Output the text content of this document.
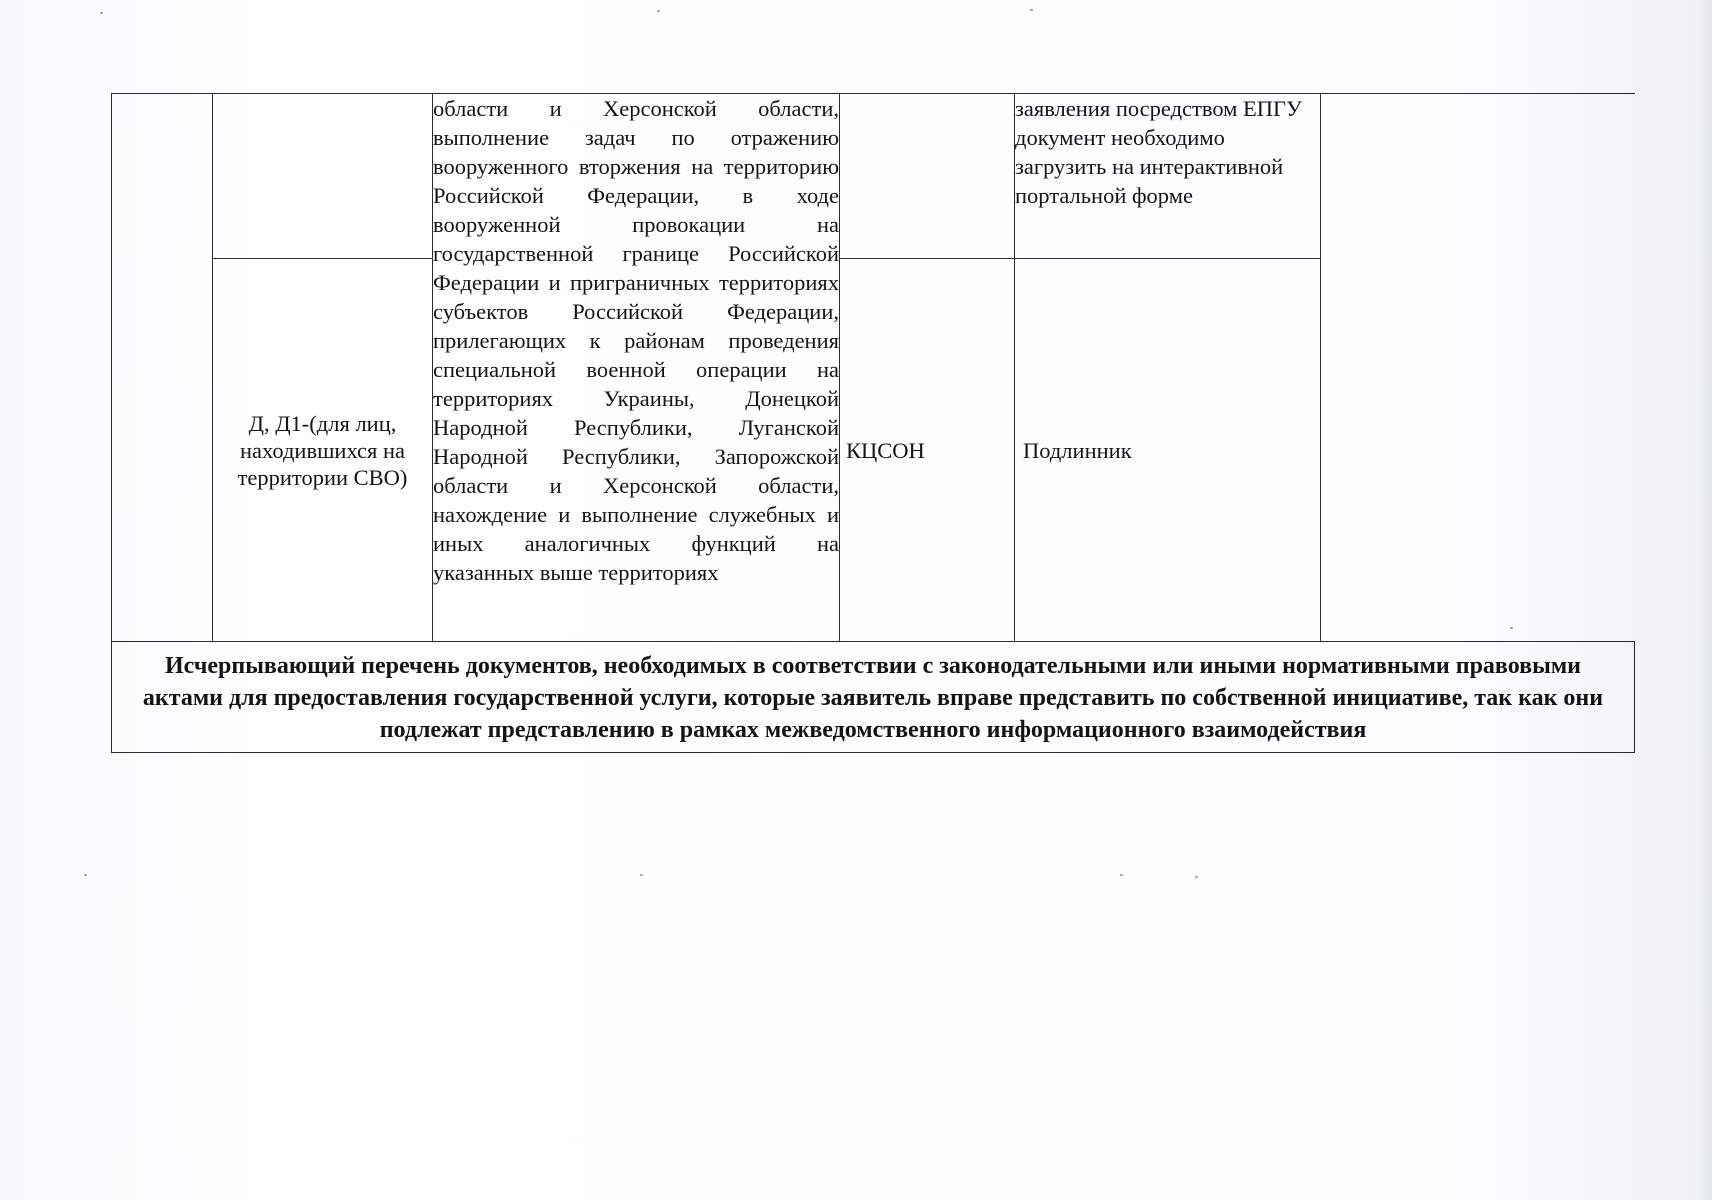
		области и Херсонской области, выполнение задач по отражению вооруженного вторжения на территорию Российской Федерации, в ходе вооруженной провокации на государственной границе Российской Федерации и приграничных территориях субъектов Российской Федерации, прилегающих к районам проведения специальной военной операции на территориях Украины, Донецкой Народной Республики, Луганской Народной Республики, Запорожской области и Херсонской области, нахождение и выполнение служебных и иных аналогичных функций на указанных выше территориях		заявления посредством ЕПГУ документ необходимо загрузить на интерактивной портальной форме	
	Д, Д1-(для лиц, находившихся на территории СВО)		КЦСОН	Подлинник	
Исчерпывающий перечень документов, необходимых в соответствии с законодательными или иными нормативными правовыми актами для предоставления государственной услуги, которые заявитель вправе представить по собственной инициативе, так как они подлежат представлению в рамках межведомственного информационного взаимодействия					
